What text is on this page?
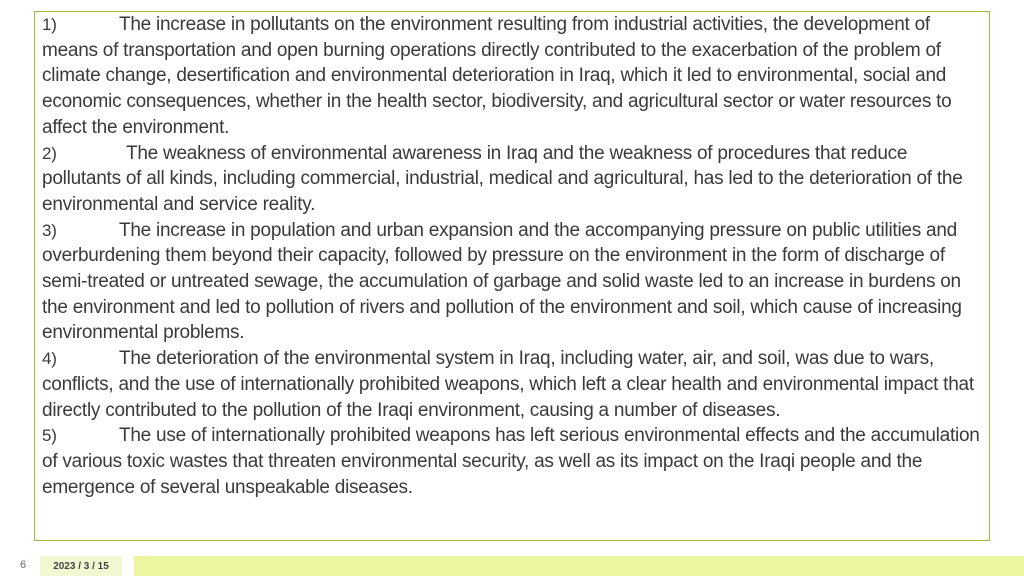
1)	The increase in pollutants on the environment resulting from industrial activities, the development of means of transportation and open burning operations directly contributed to the exacerbation of the problem of climate change, desertification and environmental deterioration in Iraq, which it led to environmental, social and economic consequences, whether in the health sector, biodiversity, and agricultural sector or water resources to affect the environment.

2)	The weakness of environmental awareness in Iraq and the weakness of procedures that reduce pollutants of all kinds, including commercial, industrial, medical and agricultural, has led to the deterioration of the environmental and service reality.

3)	The increase in population and urban expansion and the accompanying pressure on public utilities and overburdening them beyond their capacity, followed by pressure on the environment in the form of discharge of semi-treated or untreated sewage, the accumulation of garbage and solid waste led to an increase in burdens on the environment and led to pollution of rivers and pollution of the environment and soil, which cause of increasing environmental problems.

4)	The deterioration of the environmental system in Iraq, including water, air, and soil, was due to wars, conflicts, and the use of internationally prohibited weapons, which left a clear health and environmental impact that directly contributed to the pollution of the Iraqi environment, causing a number of diseases.

5)	The use of internationally prohibited weapons has left serious environmental effects and the accumulation of various toxic wastes that threaten environmental security, as well as its impact on the Iraqi people and the emergence of several unspeakable diseases.

6	2023 / 3 / 15
